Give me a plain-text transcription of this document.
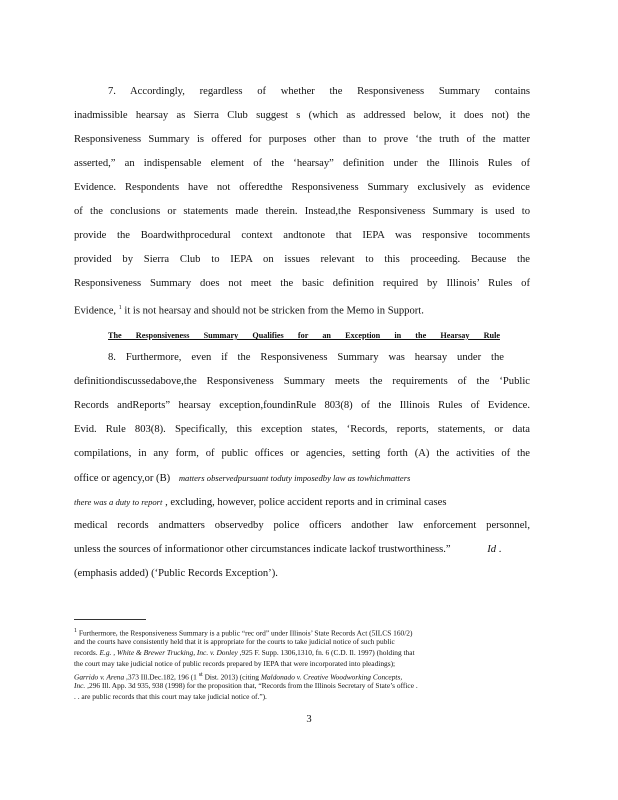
7. Accordingly, regardless of whether the Responsiveness Summary contains
inadmissible hearsay as Sierra Club suggest s (which as addressed below, it does not) the
Responsiveness Summary is offered for purposes other than to prove ‘the truth of the matter
asserted,” an indispensable element of the ‘hearsay” definition under the Illinois Rules of
Evidence. Respondents have not offeredthe Responsiveness Summary exclusively as evidence
of the conclusions or statements made therein. Instead,the Responsiveness Summary is used to
provide the Boardwithprocedural context andtonote that IEPA was responsive tocomments
provided by Sierra Club to IEPA on issues relevant to this proceeding. Because the
Responsiveness Summary does not meet the basic definition required by Illinois’ Rules of
Evidence, $^1$ it is not hearsay and should not be stricken from the Memo in Support.
The Responsiveness Summary Qualifies for an Exception in the Hearsay Rule
8. Furthermore, even if the Responsiveness Summary was hearsay under the
definitiondiscussedabove,the Responsiveness Summary meets the requirements of the ‘Public
Records andReports” hearsay exception,foundinRule 803(8) of the Illinois Rules of Evidence.
Evid. Rule 803(8). Specifically, this exception states, ‘Records, reports, statements, or data
compilations, in any form, of public offices or agencies, setting forth (A) the activities of the
office or agency,or (B) matters observedpursuant toduty imposedby law as towhichmatters
there was a duty to report , excluding, however, police accident reports and in criminal cases
medical records andmatters observedby police officers andother law enforcement personnel,
unless the sources of informationor other circumstances indicate lackof trustworthiness.”	Id .
(emphasis added) (‘Public Records Exception’).
$^1$ Furthermore, the Responsiveness Summary is a public “rec ord” under Illinois’ State Records Act (5ILCS 160/2)
and the courts have consistently held that it is appropriate for the courts to take judicial notice of such public
records. E.g. , White & Brewer Trucking, Inc. v. Donley ,925 F. Supp. 1306,1310, fn. 6 (C.D. Il. 1997) (holding that
the court may take judicial notice of public records prepared by IEPA that were incorporated into pleadings);
Garrido v. Arena ,373 Ill.Dec.182, 196 (1 $^{st}$ Dist. 2013) (citing Maldonado v. Creative Woodworking Concepts,
Inc. ,296 Ill. App. 3d 935, 938 (1998) for the proposition that, “Records from the Illinois Secretary of State’s office .
. . are public records that this court may take judicial notice of.”).
3
